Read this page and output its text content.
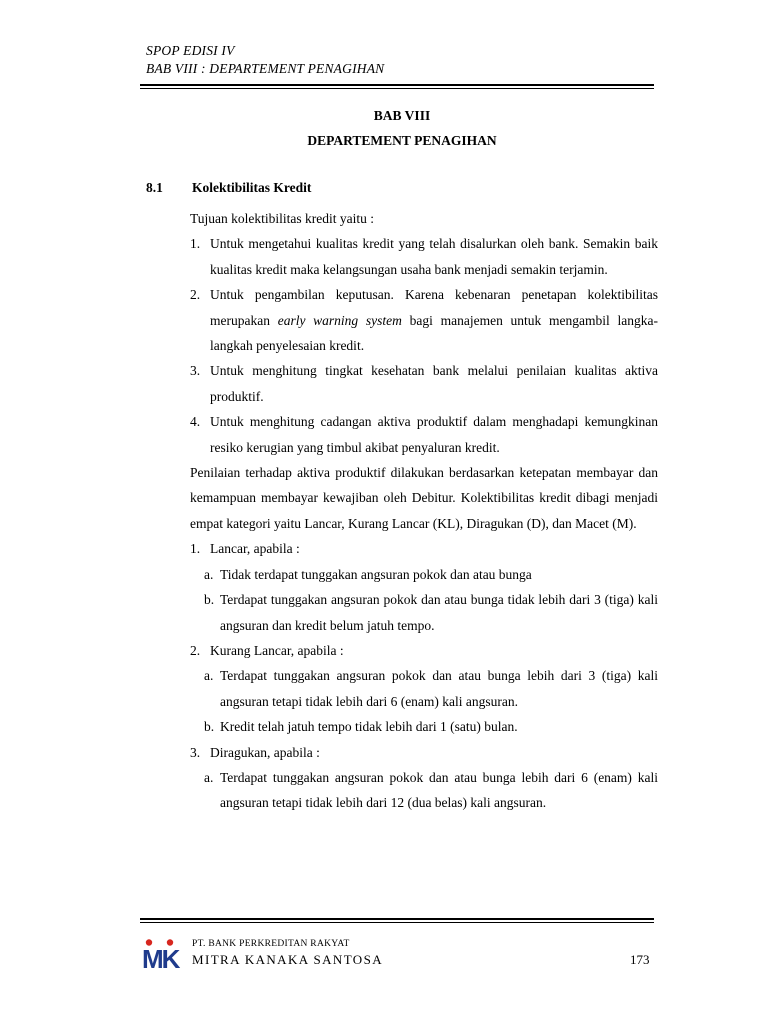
SPOP EDISI IV
BAB VIII : DEPARTEMENT PENAGIHAN
BAB VIII
DEPARTEMENT PENAGIHAN
8.1 Kolektibilitas Kredit

Tujuan kolektibilitas kredit yaitu :

1. Untuk mengetahui kualitas kredit yang telah disalurkan oleh bank. Semakin baik kualitas kredit maka kelangsungan usaha bank menjadi semakin terjamin.
2. Untuk pengambilan keputusan. Karena kebenaran penetapan kolektibilitas merupakan early warning system bagi manajemen untuk mengambil langka-langkah penyelesaian kredit.
3. Untuk menghitung tingkat kesehatan bank melalui penilaian kualitas aktiva produktif.
4. Untuk menghitung cadangan aktiva produktif dalam menghadapi kemungkinan resiko kerugian yang timbul akibat penyaluran kredit.

Penilaian terhadap aktiva produktif dilakukan berdasarkan ketepatan membayar dan kemampuan membayar kewajiban oleh Debitur. Kolektibilitas kredit dibagi menjadi empat kategori yaitu Lancar, Kurang Lancar (KL), Diragukan (D), dan Macet (M).

1. Lancar, apabila :
a. Tidak terdapat tunggakan angsuran pokok dan atau bunga
b. Terdapat tunggakan angsuran pokok dan atau bunga tidak lebih dari 3 (tiga) kali angsuran dan kredit belum jatuh tempo.
2. Kurang Lancar, apabila :
a. Terdapat tunggakan angsuran pokok dan atau bunga lebih dari 3 (tiga) kali angsuran tetapi tidak lebih dari 6 (enam) kali angsuran.
b. Kredit telah jatuh tempo tidak lebih dari 1 (satu) bulan.
3. Diragukan, apabila :
a. Terdapat tunggakan angsuran pokok dan atau bunga lebih dari 6 (enam) kali angsuran tetapi tidak lebih dari 12 (dua belas) kali angsuran.
MK PT. BANK PERKREDITAN RAKYAT
MITRA KANAKA SANTOSA	173
